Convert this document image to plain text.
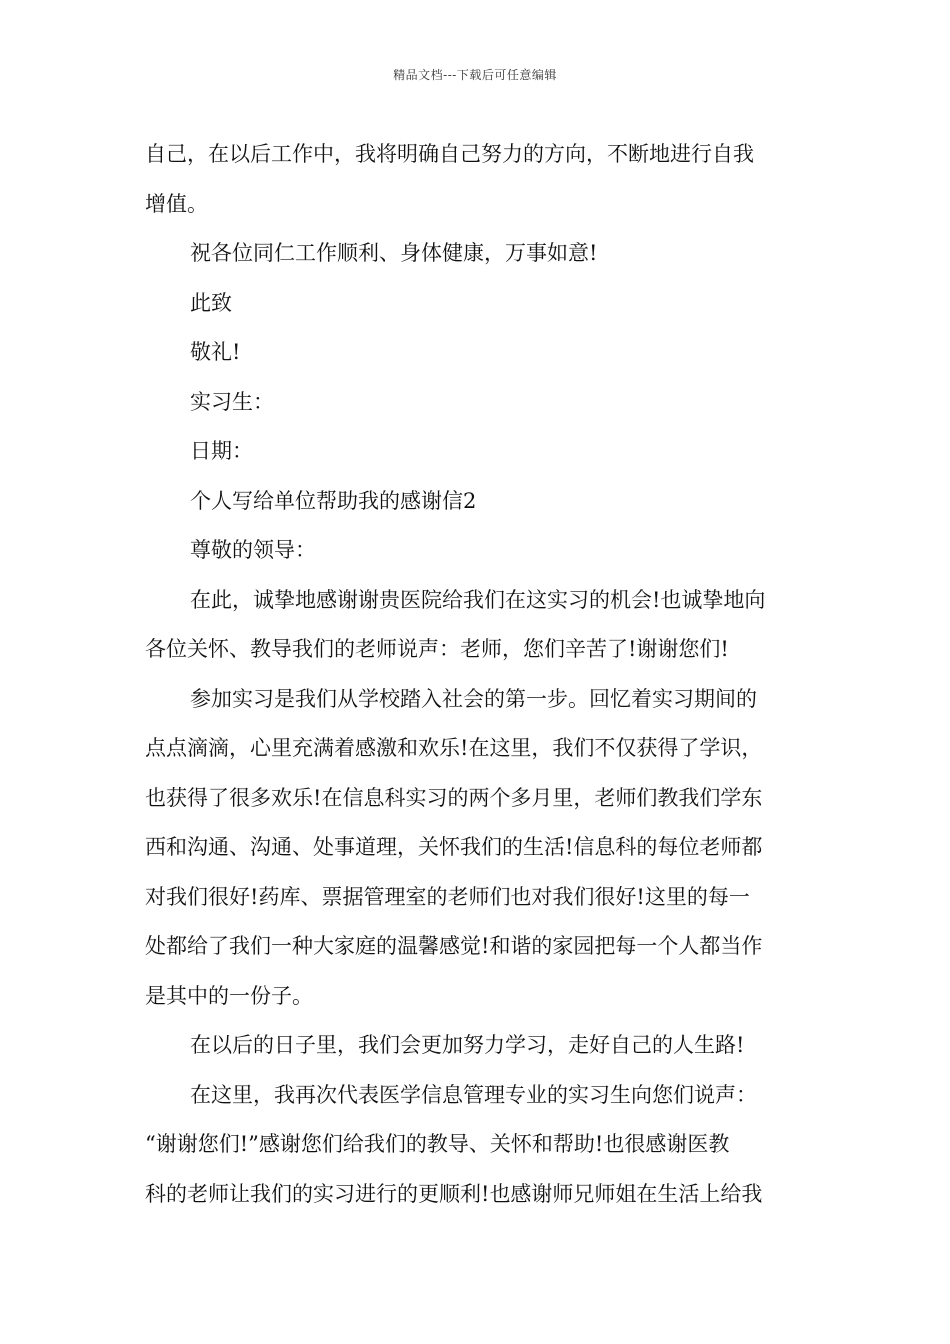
精品文档---下载后可任意编辑

自己，在以后工作中，我将明确自己努力的方向，不断地进行自我

增值。

祝各位同仁工作顺利、身体健康，万事如意!

此致

敬礼!

实习生：

日期：

个人写给单位帮助我的感谢信2

尊敬的领导：

在此，诚挚地感谢谢贵医院给我们在这实习的机会!也诚挚地向

各位关怀、教导我们的老师说声：老师，您们辛苦了!谢谢您们!

参加实习是我们从学校踏入社会的第一步。回忆着实习期间的

点点滴滴，心里充满着感激和欢乐!在这里，我们不仅获得了学识，

也获得了很多欢乐!在信息科实习的两个多月里，老师们教我们学东

西和沟通、沟通、处事道理，关怀我们的生活!信息科的每位老师都

对我们很好!药库、票据管理室的老师们也对我们很好!这里的每一

处都给了我们一种大家庭的温馨感觉!和谐的家园把每一个人都当作

是其中的一份子。

在以后的日子里，我们会更加努力学习，走好自己的人生路!

在这里，我再次代表医学信息管理专业的实习生向您们说声：

“谢谢您们!”感谢您们给我们的教导、关怀和帮助!也很感谢医教

科的老师让我们的实习进行的更顺利!也感谢师兄师姐在生活上给我
